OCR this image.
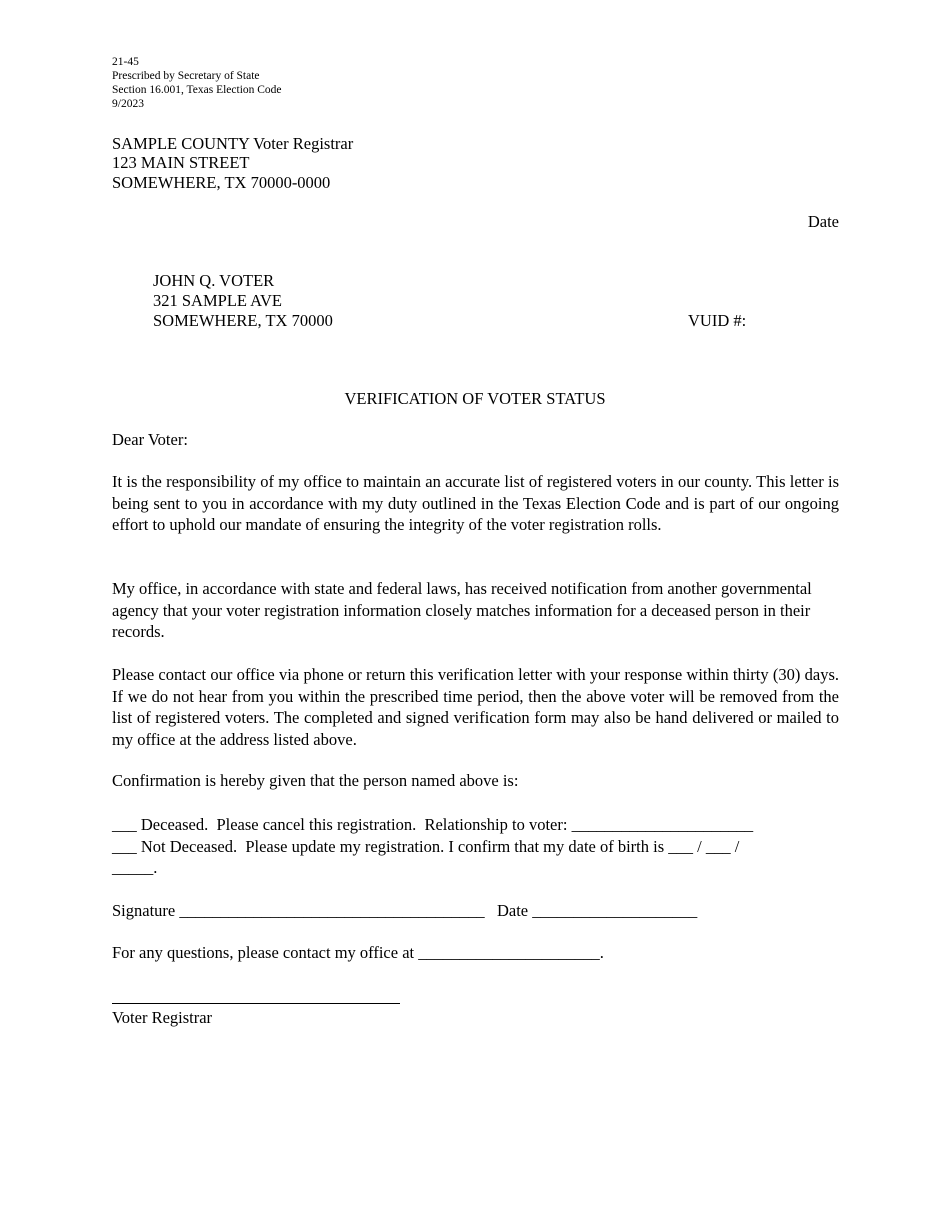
21-45
Prescribed by Secretary of State
Section 16.001, Texas Election Code
9/2023
SAMPLE COUNTY Voter Registrar
123 MAIN STREET
SOMEWHERE, TX 70000-0000
Date
JOHN Q. VOTER
321 SAMPLE AVE
SOMEWHERE, TX 70000	VUID #:
VERIFICATION OF VOTER STATUS
Dear Voter:
It is the responsibility of my office to maintain an accurate list of registered voters in our county. This letter is being sent to you in accordance with my duty outlined in the Texas Election Code and is part of our ongoing effort to uphold our mandate of ensuring the integrity of the voter registration rolls.
My office, in accordance with state and federal laws, has received notification from another governmental agency that your voter registration information closely matches information for a deceased person in their records.
Please contact our office via phone or return this verification letter with your response within thirty (30) days. If we do not hear from you within the prescribed time period, then the above voter will be removed from the list of registered voters. The completed and signed verification form may also be hand delivered or mailed to my office at the address listed above.
Confirmation is hereby given that the person named above is:
___ Deceased.  Please cancel this registration.  Relationship to voter: ______________________
___ Not Deceased.  Please update my registration. I confirm that my date of birth is ___ / ___ /
_____.
Signature _____________________________________   Date ____________________
For any questions, please contact my office at ______________________.
Voter Registrar
